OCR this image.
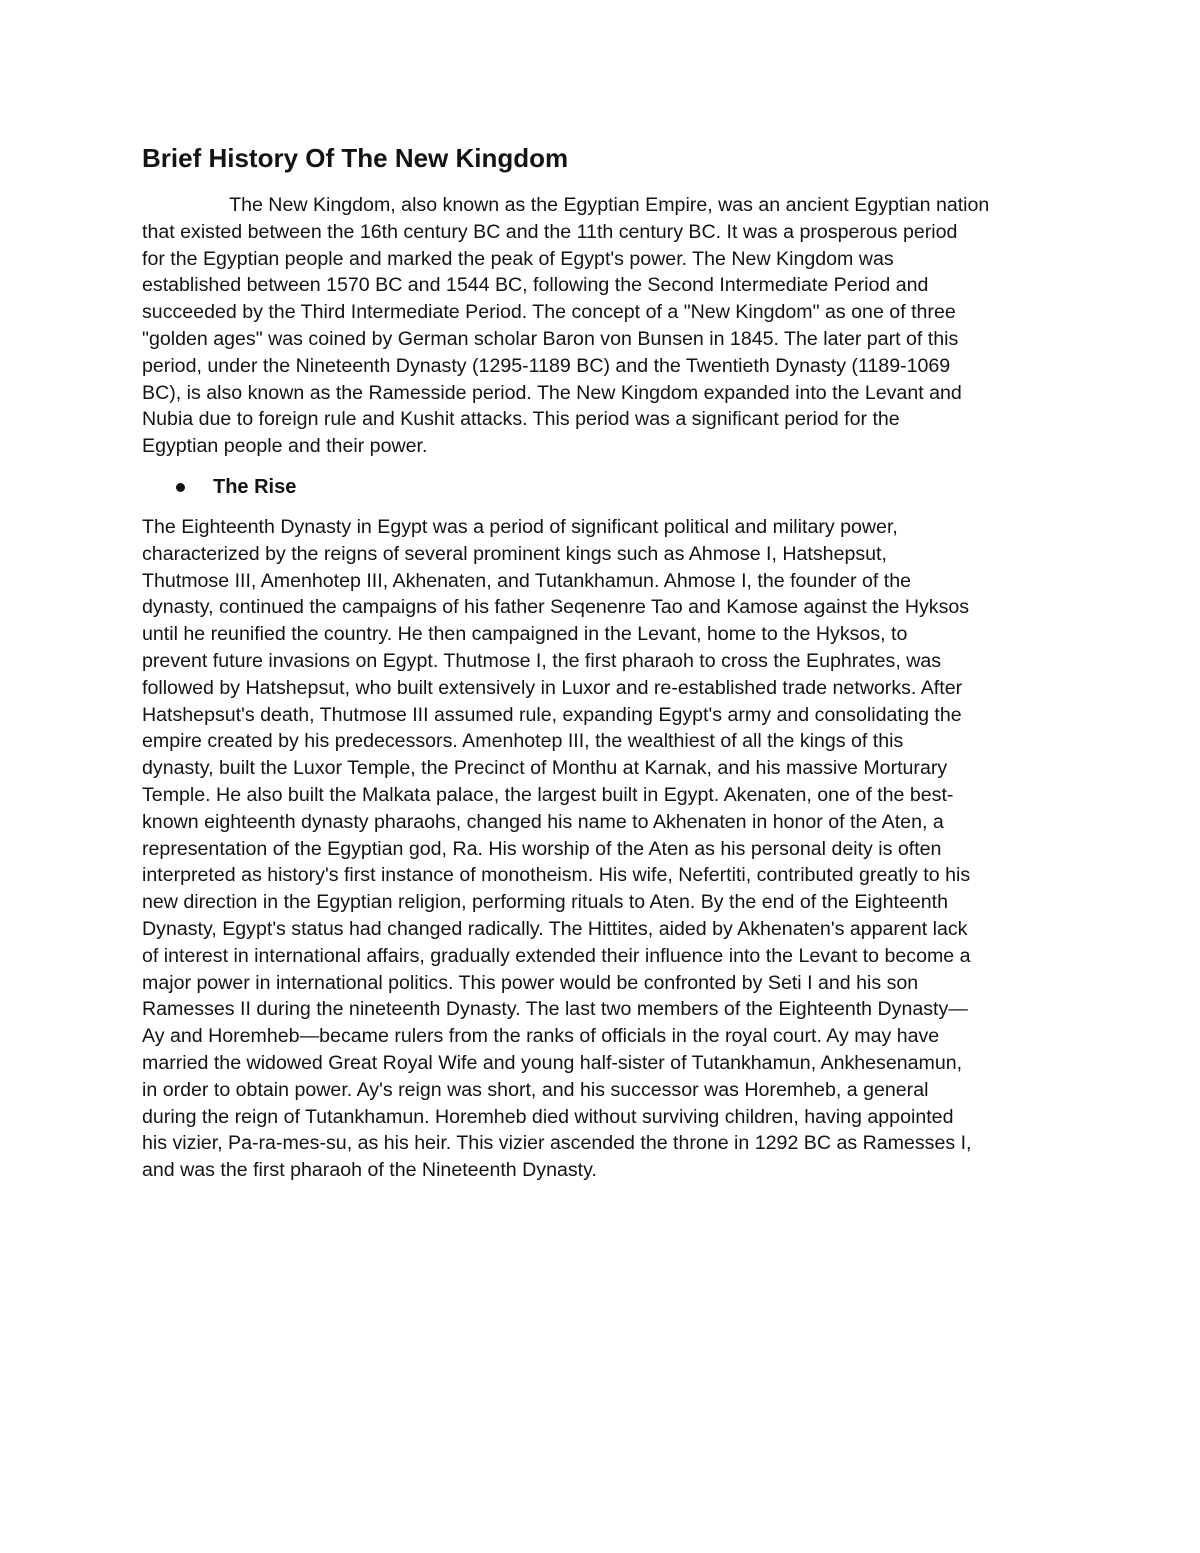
Brief History Of The New Kingdom

The New Kingdom, also known as the Egyptian Empire, was an ancient Egyptian nation
that existed between the 16th century BC and the 11th century BC. It was a prosperous period
for the Egyptian people and marked the peak of Egypt's power. The New Kingdom was
established between 1570 BC and 1544 BC, following the Second Intermediate Period and
succeeded by the Third Intermediate Period. The concept of a "New Kingdom" as one of three
"golden ages" was coined by German scholar Baron von Bunsen in 1845. The later part of this
period, under the Nineteenth Dynasty (1295-1189 BC) and the Twentieth Dynasty (1189-1069
BC), is also known as the Ramesside period. The New Kingdom expanded into the Levant and
Nubia due to foreign rule and Kushit attacks. This period was a significant period for the
Egyptian people and their power.

The Rise

The Eighteenth Dynasty in Egypt was a period of significant political and military power,
characterized by the reigns of several prominent kings such as Ahmose I, Hatshepsut,
Thutmose III, Amenhotep III, Akhenaten, and Tutankhamun. Ahmose I, the founder of the
dynasty, continued the campaigns of his father Seqenenre Tao and Kamose against the Hyksos
until he reunified the country. He then campaigned in the Levant, home to the Hyksos, to
prevent future invasions on Egypt. Thutmose I, the first pharaoh to cross the Euphrates, was
followed by Hatshepsut, who built extensively in Luxor and re-established trade networks. After
Hatshepsut's death, Thutmose III assumed rule, expanding Egypt's army and consolidating the
empire created by his predecessors. Amenhotep III, the wealthiest of all the kings of this
dynasty, built the Luxor Temple, the Precinct of Monthu at Karnak, and his massive Morturary
Temple. He also built the Malkata palace, the largest built in Egypt. Akenaten, one of the best-
known eighteenth dynasty pharaohs, changed his name to Akhenaten in honor of the Aten, a
representation of the Egyptian god, Ra. His worship of the Aten as his personal deity is often
interpreted as history's first instance of monotheism. His wife, Nefertiti, contributed greatly to his
new direction in the Egyptian religion, performing rituals to Aten. By the end of the Eighteenth
Dynasty, Egypt's status had changed radically. The Hittites, aided by Akhenaten's apparent lack
of interest in international affairs, gradually extended their influence into the Levant to become a
major power in international politics. This power would be confronted by Seti I and his son
Ramesses II during the nineteenth Dynasty. The last two members of the Eighteenth Dynasty—
Ay and Horemheb—became rulers from the ranks of officials in the royal court. Ay may have
married the widowed Great Royal Wife and young half-sister of Tutankhamun, Ankhesenamun,
in order to obtain power. Ay's reign was short, and his successor was Horemheb, a general
during the reign of Tutankhamun. Horemheb died without surviving children, having appointed
his vizier, Pa-ra-mes-su, as his heir. This vizier ascended the throne in 1292 BC as Ramesses I,
and was the first pharaoh of the Nineteenth Dynasty.
